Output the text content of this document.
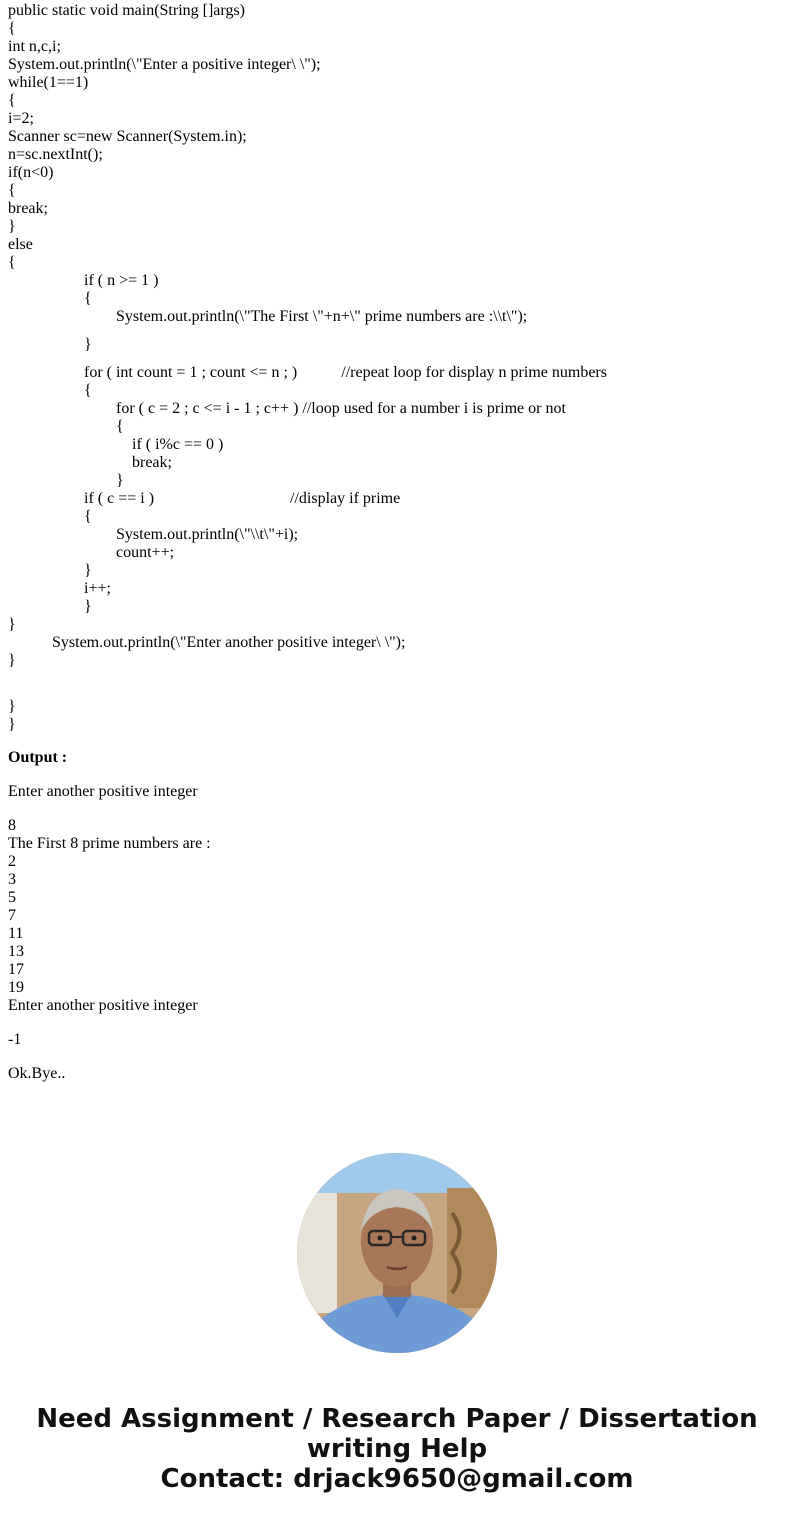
public static void main(String []args)
{
int n,c,i;
System.out.println(\"Enter a positive integer\ \");
while(1==1)
{
i=2;
Scanner sc=new Scanner(System.in);
n=sc.nextInt();
if(n<0)
{
break;
}
else
{
if ( n >= 1 )
{
System.out.println(\"The First \"+n+\" prime numbers are :\\t\");
}
for ( int count = 1 ; count <= n ; )           //repeat loop for display n prime numbers
{
for ( c = 2 ; c <= i - 1 ; c++ ) //loop used for a number i is prime or not
{
if ( i%c == 0 )
break;
}
if ( c == i )                                  //display if prime
{
System.out.println(\"\\t\"+i);
count++;
}
i++;
}
}
System.out.println(\"Enter another positive integer\ \");
}
}
}
Output :
Enter another positive integer
8
The First 8 prime numbers are :
2
3
5
7
11
13
17
19
Enter another positive integer
-1
Ok.Bye..
Need Assignment / Research Paper / Dissertation
writing Help
Contact: drjack9650@gmail.com
